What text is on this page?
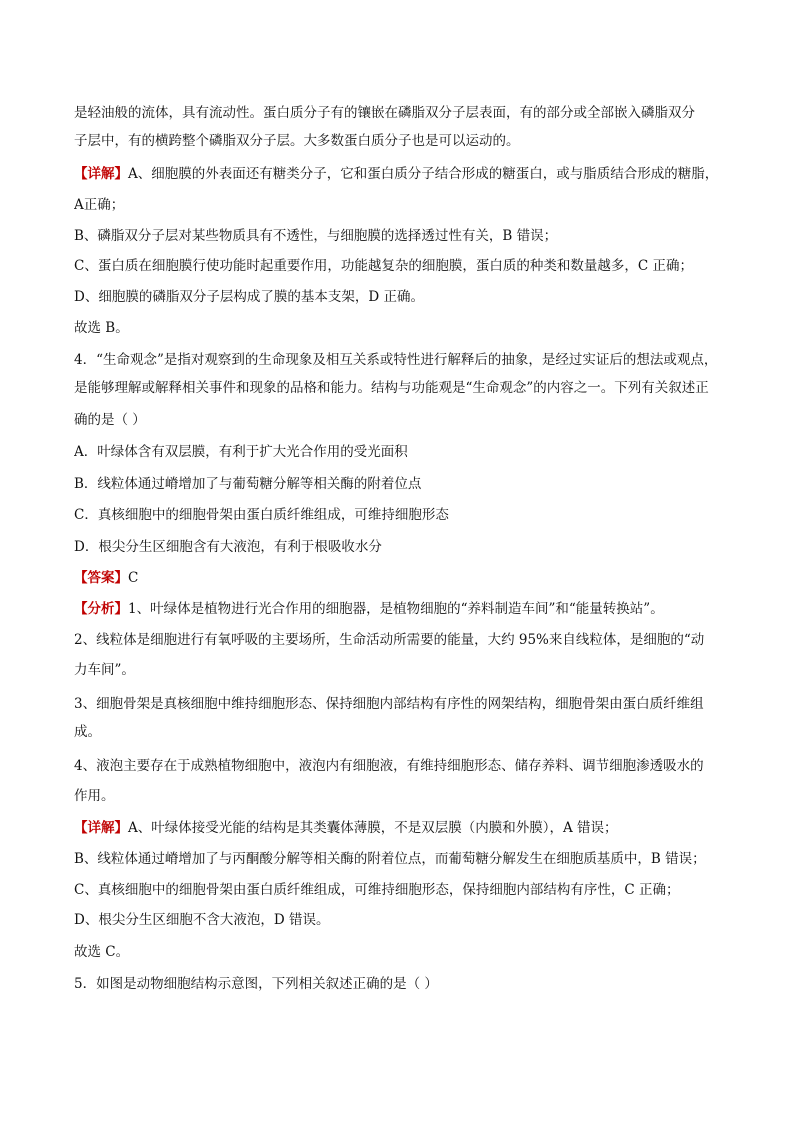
是轻油般的流体，具有流动性。蛋白质分子有的镶嵌在磷脂双分子层表面，有的部分或全部嵌入磷脂双分
子层中，有的横跨整个磷脂双分子层。大多数蛋白质分子也是可以运动的。
【详解】A、细胞膜的外表面还有糖类分子，它和蛋白质分子结合形成的糖蛋白，或与脂质结合形成的糖脂，
A正确；
B、磷脂双分子层对某些物质具有不透性，与细胞膜的选择透过性有关，B 错误；
C、蛋白质在细胞膜行使功能时起重要作用，功能越复杂的细胞膜，蛋白质的种类和数量越多，C 正确；
D、细胞膜的磷脂双分子层构成了膜的基本支架，D 正确。
故选 B。
4．“生命观念”是指对观察到的生命现象及相互关系或特性进行解释后的抽象，是经过实证后的想法或观点，
是能够理解或解释相关事件和现象的品格和能力。结构与功能观是“生命观念”的内容之一。下列有关叙述正
确的是（ ）
A．叶绿体含有双层膜，有利于扩大光合作用的受光面积
B．线粒体通过嵴增加了与葡萄糖分解等相关酶的附着位点
C．真核细胞中的细胞骨架由蛋白质纤维组成，可维持细胞形态
D．根尖分生区细胞含有大液泡，有利于根吸收水分
【答案】C
【分析】1、叶绿体是植物进行光合作用的细胞器，是植物细胞的“养料制造车间”和“能量转换站”。
2、线粒体是细胞进行有氧呼吸的主要场所，生命活动所需要的能量，大约 95%来自线粒体，是细胞的“动
力车间”。
3、细胞骨架是真核细胞中维持细胞形态、保持细胞内部结构有序性的网架结构，细胞骨架由蛋白质纤维组
成。
4、液泡主要存在于成熟植物细胞中，液泡内有细胞液，有维持细胞形态、储存养料、调节细胞渗透吸水的
作用。
【详解】A、叶绿体接受光能的结构是其类囊体薄膜，不是双层膜（内膜和外膜），A 错误；
B、线粒体通过嵴增加了与丙酮酸分解等相关酶的附着位点，而葡萄糖分解发生在细胞质基质中，B 错误；
C、真核细胞中的细胞骨架由蛋白质纤维组成，可维持细胞形态，保持细胞内部结构有序性，C 正确；
D、根尖分生区细胞不含大液泡，D 错误。
故选 C。
5．如图是动物细胞结构示意图，下列相关叙述正确的是（ ）
